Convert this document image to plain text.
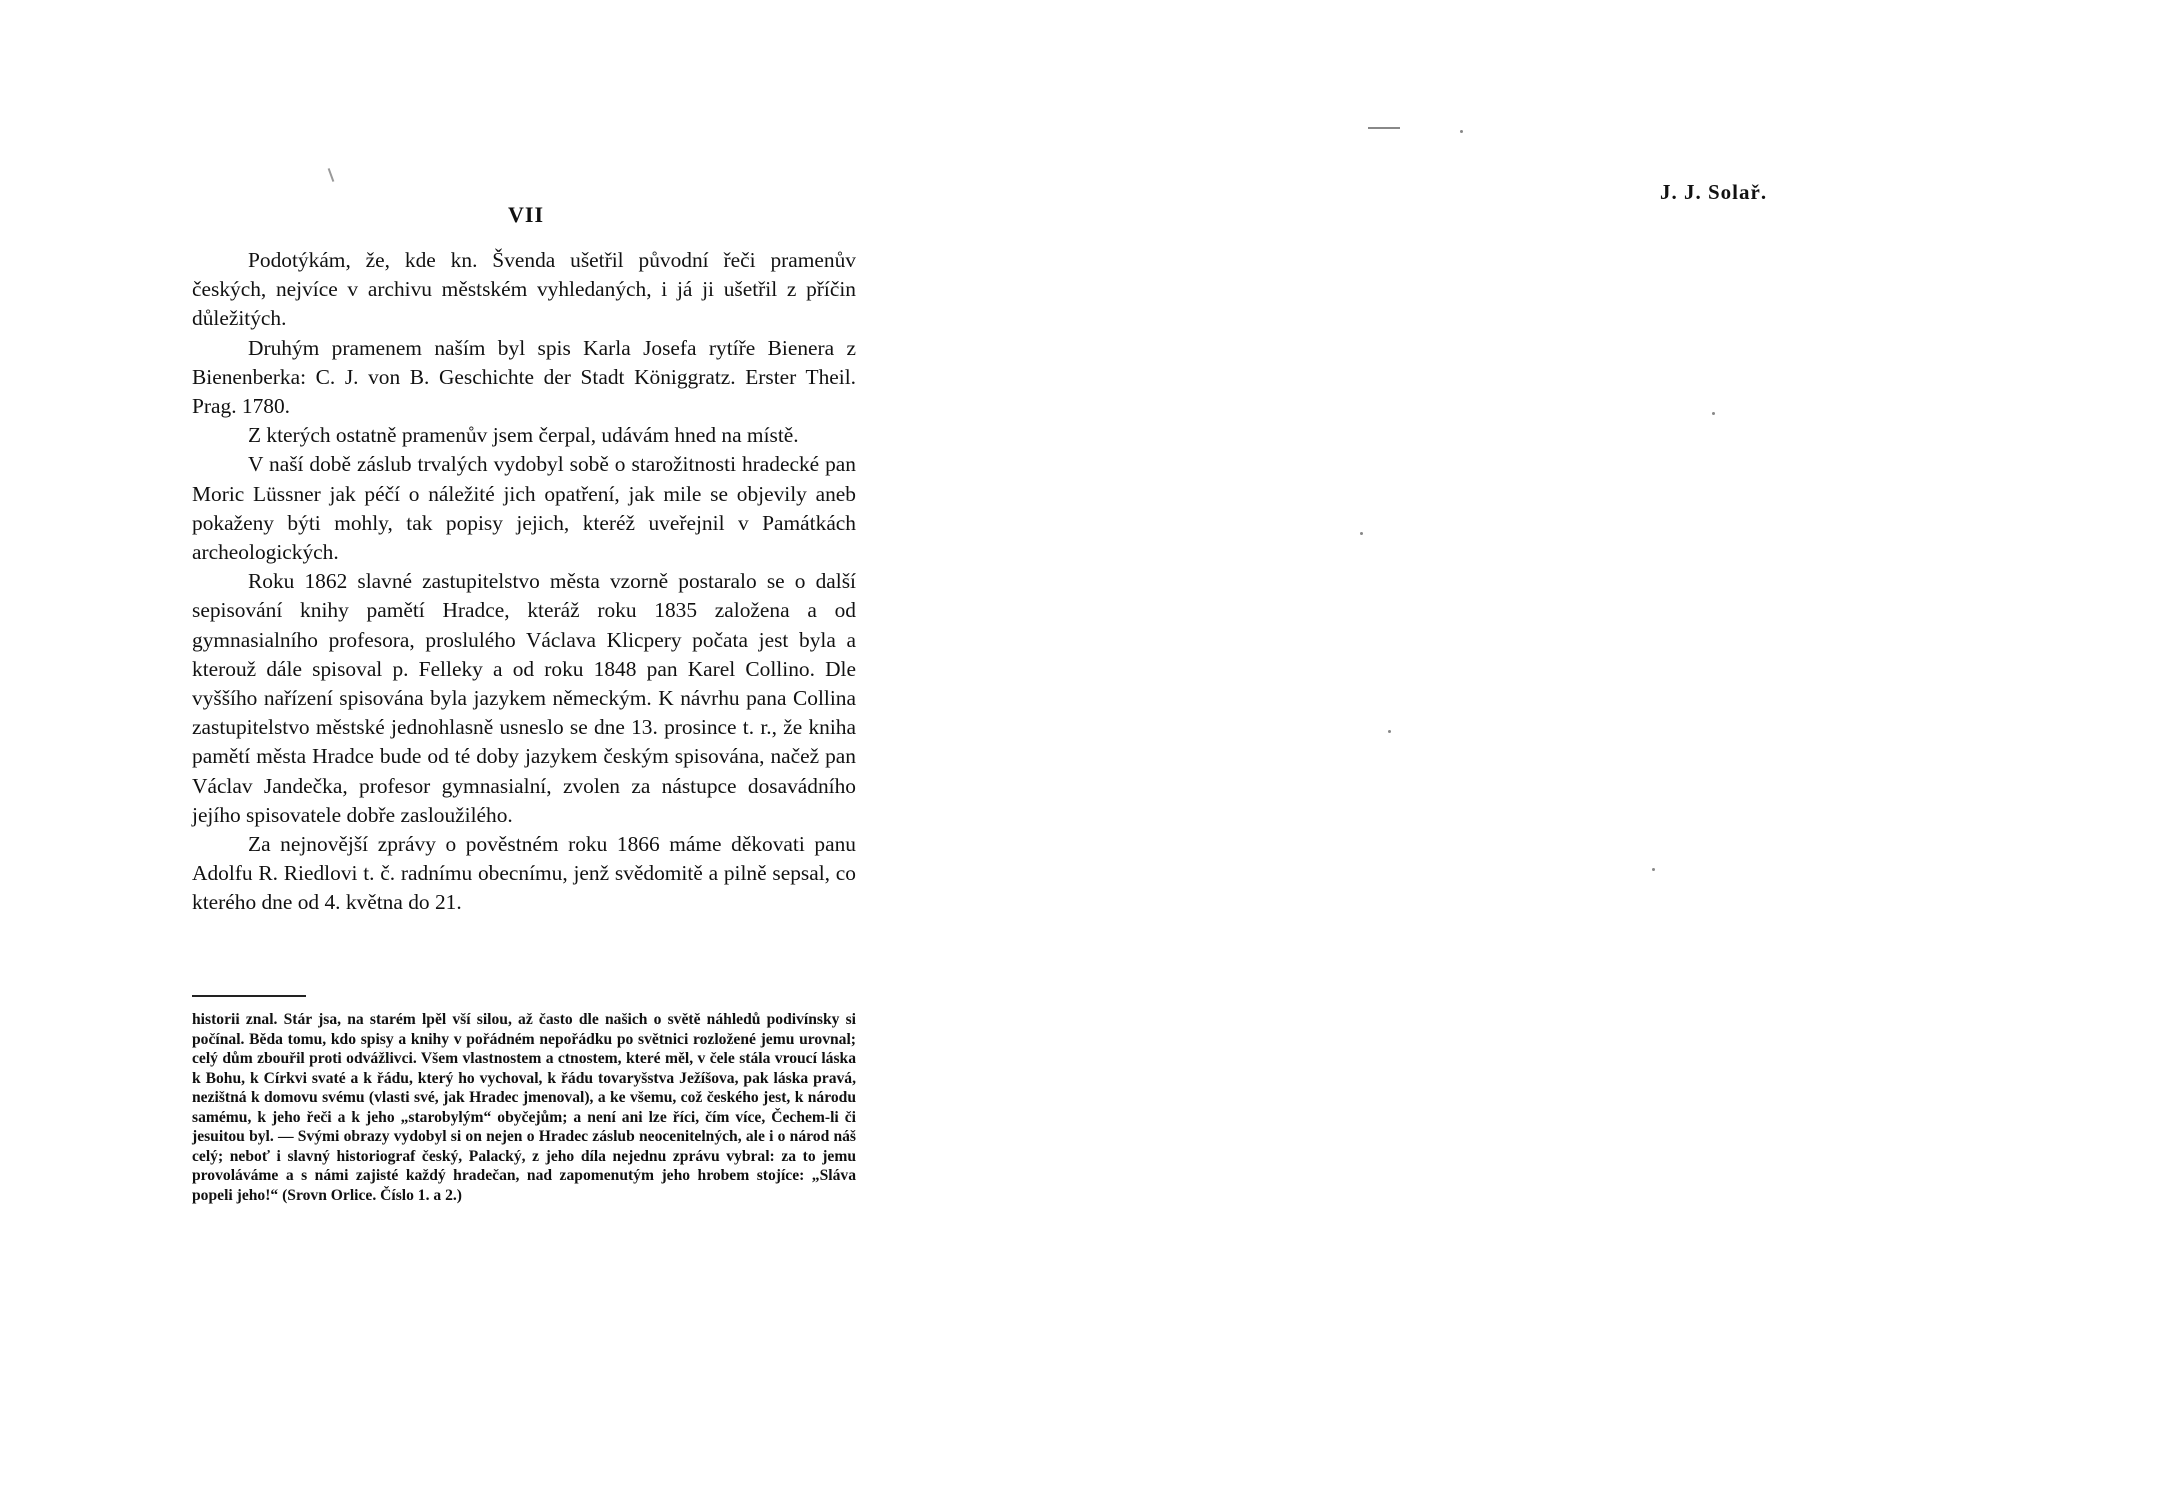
VII

Podotýkám, že, kde kn. Švenda ušetřil původní řeči pramenův českých, nejvíce v archivu městském vyhledaných, i já ji ušetřil z příčin důležitých.

Druhým pramenem naším byl spis Karla Josefa rytíře Bienera z Bienenberka: C. J. von B. Geschichte der Stadt Königgratz. Erster Theil. Prag. 1780.

Z kterých ostatně pramenův jsem čerpal, udávám hned na místě.

V naší době záslub trvalých vydobyl sobě o starožitnosti hradecké pan Moric Lüssner jak péčí o náležité jich opatření, jak mile se objevily aneb pokaženy býti mohly, tak popisy jejich, kteréž uveřejnil v Památkách archeologických.

Roku 1862 slavné zastupitelstvo města vzorně postaralo se o další sepisování knihy pamětí Hradce, kteráž roku 1835 založena a od gymnasialního profesora, proslulého Václava Klicpery počata jest byla a kterouž dále spisoval p. Felleky a od roku 1848 pan Karel Collino. Dle vyššího nařízení spisována byla jazykem německým. K návrhu pana Collina zastupitelstvo městské jednohlasně usneslo se dne 13. prosince t. r., že kniha pamětí města Hradce bude od té doby jazykem českým spisována, načež pan Václav Jandečka, profesor gymnasialní, zvolen za nástupce dosavádního jejího spisovatele dobře zasloužilého.

Za nejnovější zprávy o pověstném roku 1866 máme děkovati panu Adolfu R. Riedlovi t. č. radnímu obecnímu, jenž svědomitě a pilně sepsal, co kterého dne od 4. května do 21.

historii znal. Stár jsa, na starém lpěl vší silou, až často dle našich o světě náhledů podivínsky si počínal. Běda tomu, kdo spisy a knihy v pořádném nepořádku po světnici rozložené jemu urovnal; celý dům zbouřil proti odvážlivci. Všem vlastnostem a ctnostem, které měl, v čele stála vroucí láska k Bohu, k Církvi svaté a k řádu, který ho vychoval, k řádu tovaryšstva Ježíšova, pak láska pravá, nezištná k domovu svému (vlasti své, jak Hradec jmenoval), a ke všemu, což českého jest, k národu samému, k jeho řeči a k jeho „starobylým“ obyčejům; a není ani lze říci, čím více, Čechem-li či jesuitou byl. — Svými obrazy vydobyl si on nejen o Hradec záslub neocenitelných, ale i o národ náš celý; neboť i slavný historiograf český, Palacký, z jeho díla nejednu zprávu vybral: za to jemu provoláváme a s námi zajisté každý hradečan, nad zapomenutým jeho hrobem stojíce: „Sláva popeli jeho!“ (Srovn Orlice. Číslo 1. a 2.)
J. J. Solař.
